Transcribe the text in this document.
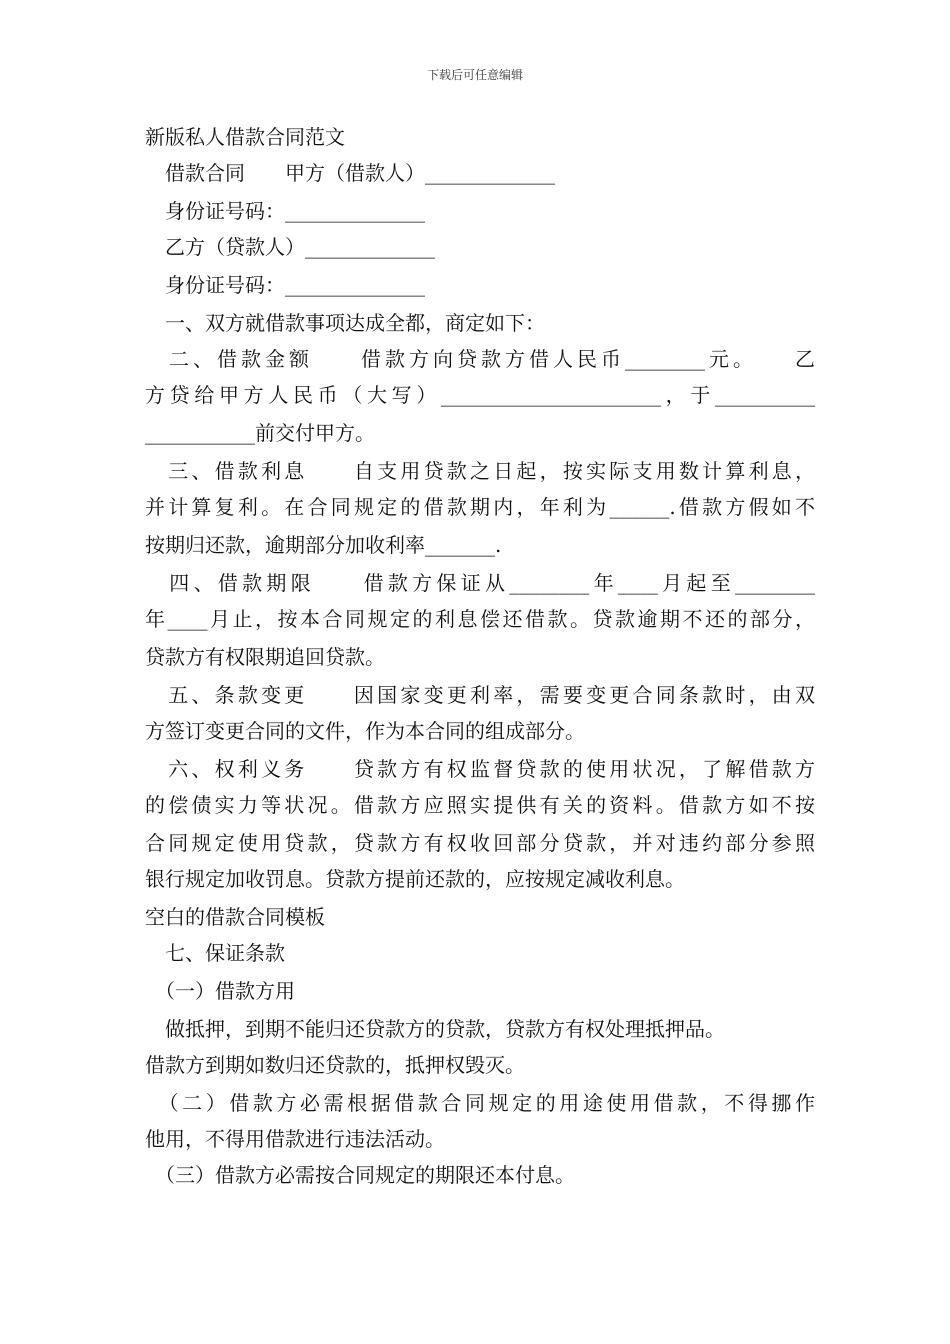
下载后可任意编辑
新版私人借款合同范文
　借款合同　　甲方（借款人）_____________
　身份证号码：______________
　乙方（贷款人）_____________
　身份证号码：______________
　一、双方就借款事项达成全都，商定如下：
　二、借款金额　　借款方向贷款方借人民币________元。　　乙
方贷给甲方人民币（大写）______________________，于__________
___________前交付甲方。
　三、借款利息　　自支用贷款之日起，按实际支用数计算利息，
并计算复利。在合同规定的借款期内，年利为______.借款方假如不
按期归还款，逾期部分加收利率_______.
　四、借款期限　　借款方保证从________年____月起至________
年____月止，按本合同规定的利息偿还借款。贷款逾期不还的部分，
贷款方有权限期追回贷款。
　五、条款变更　　因国家变更利率，需要变更合同条款时，由双
方签订变更合同的文件，作为本合同的组成部分。
　六、权利义务　　贷款方有权监督贷款的使用状况，了解借款方
的偿债实力等状况。借款方应照实提供有关的资料。借款方如不按
合同规定使用贷款，贷款方有权收回部分贷款，并对违约部分参照
银行规定加收罚息。贷款方提前还款的，应按规定减收利息。
空白的借款合同模板
　七、保证条款
　（一）借款方用
　做抵押，到期不能归还贷款方的贷款，贷款方有权处理抵押品。
借款方到期如数归还贷款的，抵押权毁灭。
　（二）借款方必需根据借款合同规定的用途使用借款，不得挪作
他用，不得用借款进行违法活动。
　（三）借款方必需按合同规定的期限还本付息。
